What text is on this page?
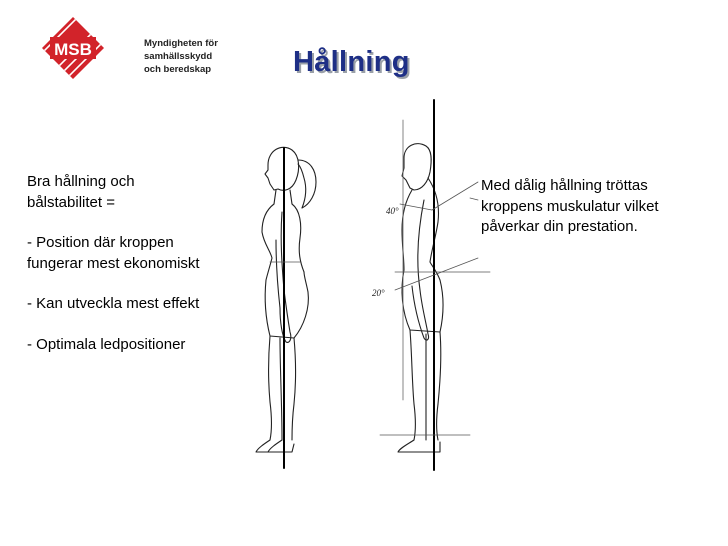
MSB	Myndigheten för
samhällsskydd
och beredskap	Hållning

Bra hållning och

bålstabilitet =

- Position där kroppen

fungerar mest ekonomiskt

- Kan utveckla mest effekt

- Optimala ledpositioner

Med dålig hållning tröttas
kroppens muskulatur vilket
påverkar din prestation.
40°
20°
